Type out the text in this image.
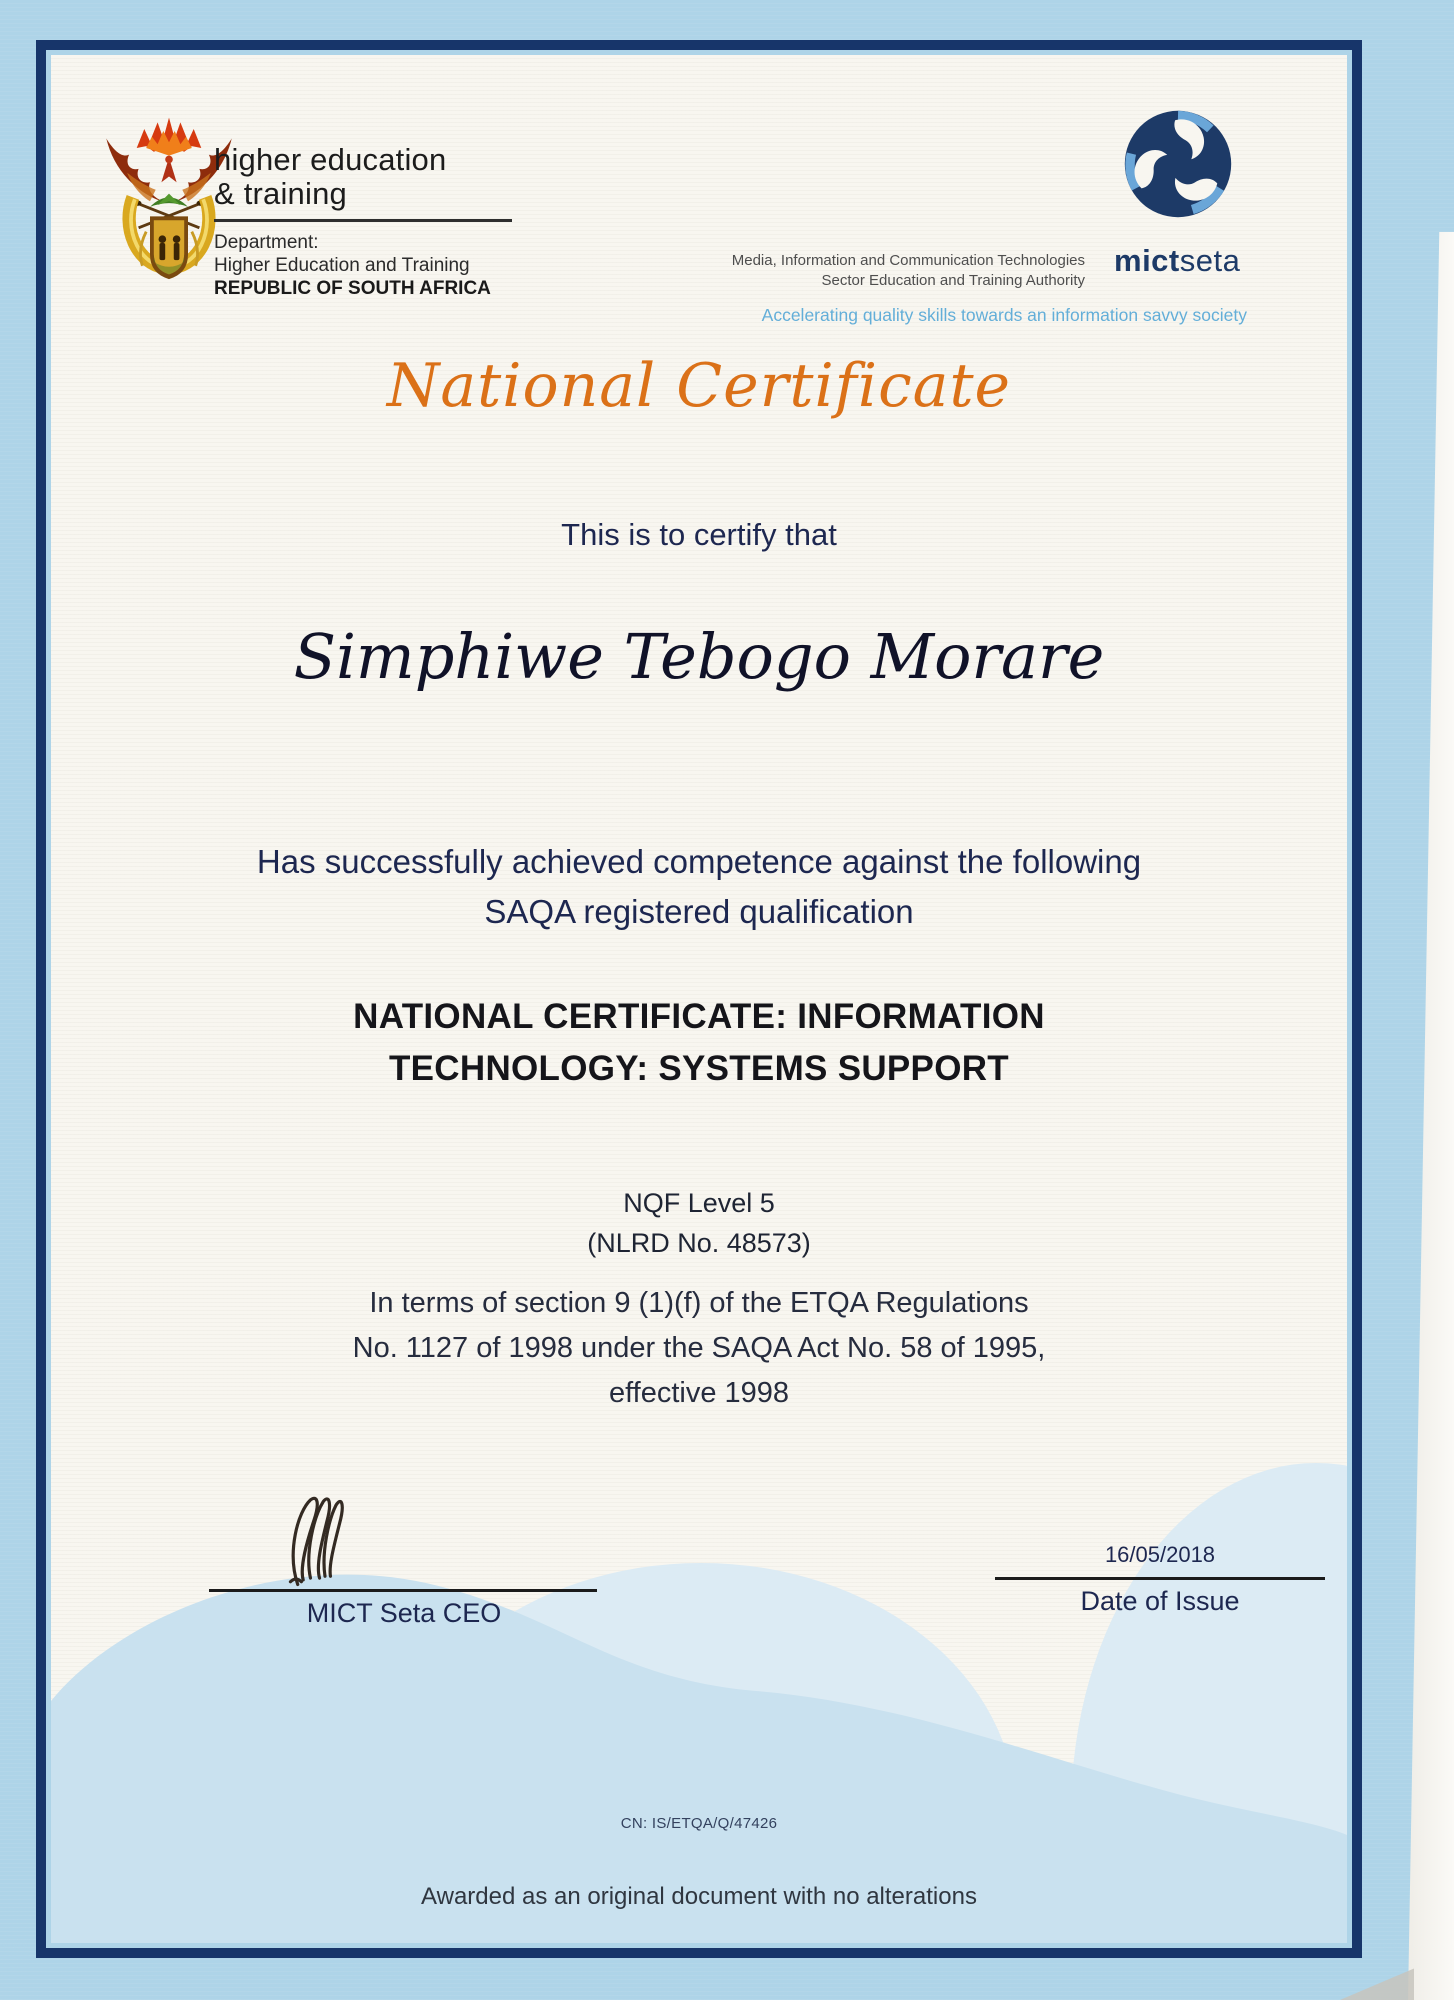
higher education
& training
Department:
Higher Education and Training
REPUBLIC OF SOUTH AFRICA
Media, Information and Communication Technologies
Sector Education and Training Authority
mictseta
Accelerating quality skills towards an information savvy society
National Certificate
This is to certify that
Simphiwe Tebogo Morare
Has successfully achieved competence against the following
SAQA registered qualification
NATIONAL CERTIFICATE: INFORMATION
TECHNOLOGY: SYSTEMS SUPPORT
NQF Level 5
(NLRD No. 48573)
In terms of section 9 (1)(f) of the ETQA Regulations
No. 1127 of 1998 under the SAQA Act No. 58 of 1995,
effective 1998
MICT Seta CEO
16/05/2018
Date of Issue
CN: IS/ETQA/Q/47426
Awarded as an original document with no alterations
